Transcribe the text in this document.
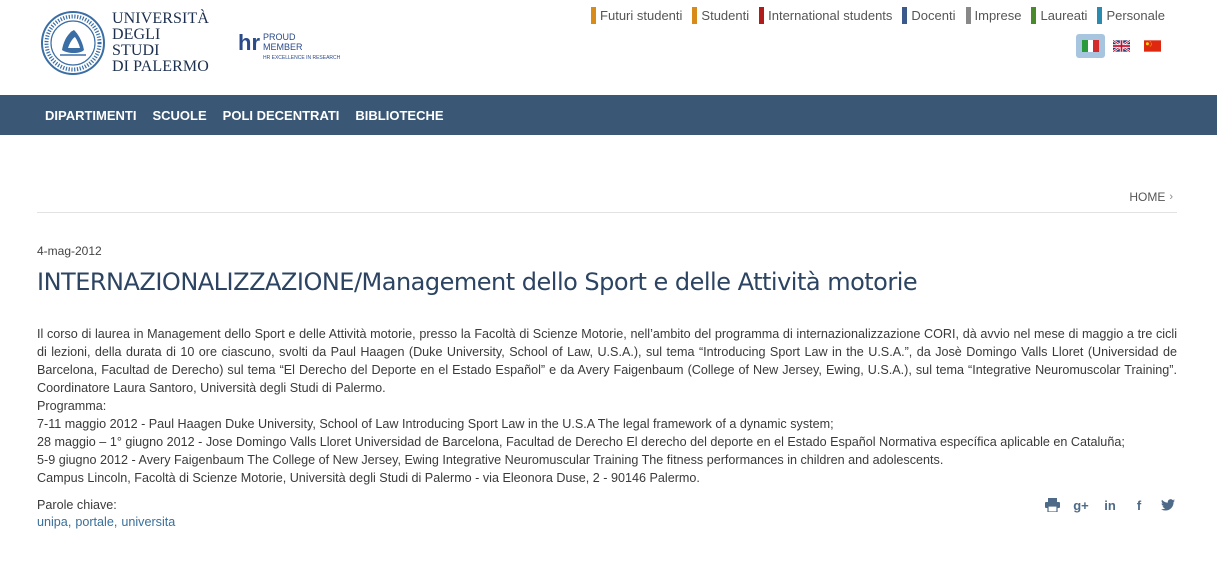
UNIVERSITÀ
DEGLI STUDI
DI PALERMO
hr PROUD
MEMBER
HR EXCELLENCE IN RESEARCH
Futuri studenti Studenti International students Docenti Imprese Laureati Personale
DIPARTIMENTI	SCUOLE	POLI DECENTRATI	BIBLIOTECHE
HOME ›
4-mag-2012
INTERNAZIONALIZZAZIONE/Management dello Sport e delle Attività motorie

Il corso di laurea in Management dello Sport e delle Attività motorie, presso la Facoltà di Scienze Motorie, nell’ambito del programma di internazionalizzazione CORI, dà avvio nel mese di maggio a tre cicli di lezioni, della durata di 10 ore ciascuno, svolti da Paul Haagen (Duke University, School of Law, U.S.A.), sul tema “Introducing Sport Law in the U.S.A.”, da Josè Domingo Valls Lloret (Universidad de Barcelona, Facultad de Derecho) sul tema “El Derecho del Deporte en el Estado Español” e da Avery Faigenbaum (College of New Jersey, Ewing, U.S.A.), sul tema “Integrative Neuromuscolar Training”. Coordinatore Laura Santoro, Università degli Studi di Palermo.

Programma:

7-11 maggio 2012 - Paul Haagen Duke University, School of Law Introducing Sport Law in the U.S.A The legal framework of a dynamic system;

28 maggio – 1° giugno 2012 - Jose Domingo Valls Lloret Universidad de Barcelona, Facultad de Derecho El derecho del deporte en el Estado Español Normativa específica aplicable en Cataluña;

5-9 giugno 2012 - Avery Faigenbaum The College of New Jersey, Ewing Integrative Neuromuscular Training The fitness performances in children and adolescents.

Campus Lincoln, Facoltà di Scienze Motorie, Università degli Studi di Palermo - via Eleonora Duse, 2 - 90146 Palermo.

Parole chiave:
unipa , portale , universita
g+ in	f
